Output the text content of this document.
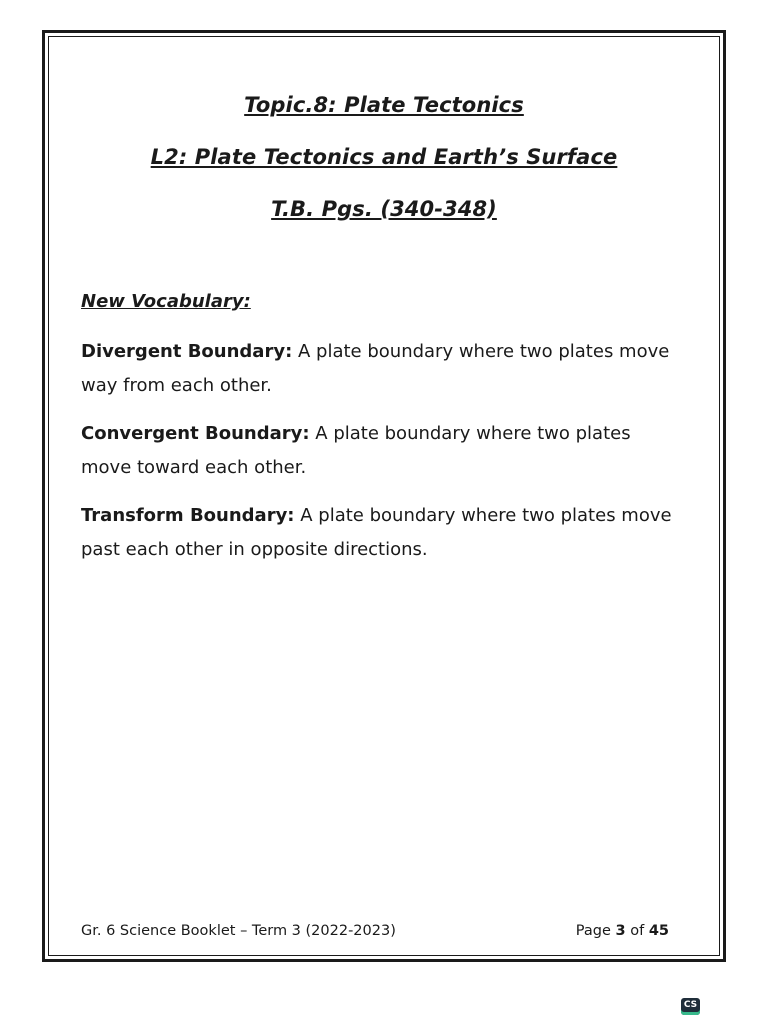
Topic.8: Plate Tectonics
L2: Plate Tectonics and Earth’s Surface
T.B. Pgs. (340-348)
New Vocabulary:
Divergent Boundary: A plate boundary where two plates move way from each other.
Convergent Boundary: A plate boundary where two plates move toward each other.
Transform Boundary: A plate boundary where two plates move past each other in opposite directions.
Gr. 6 Science Booklet – Term 3 (2022-2023)	Page 3 of 45
CS
